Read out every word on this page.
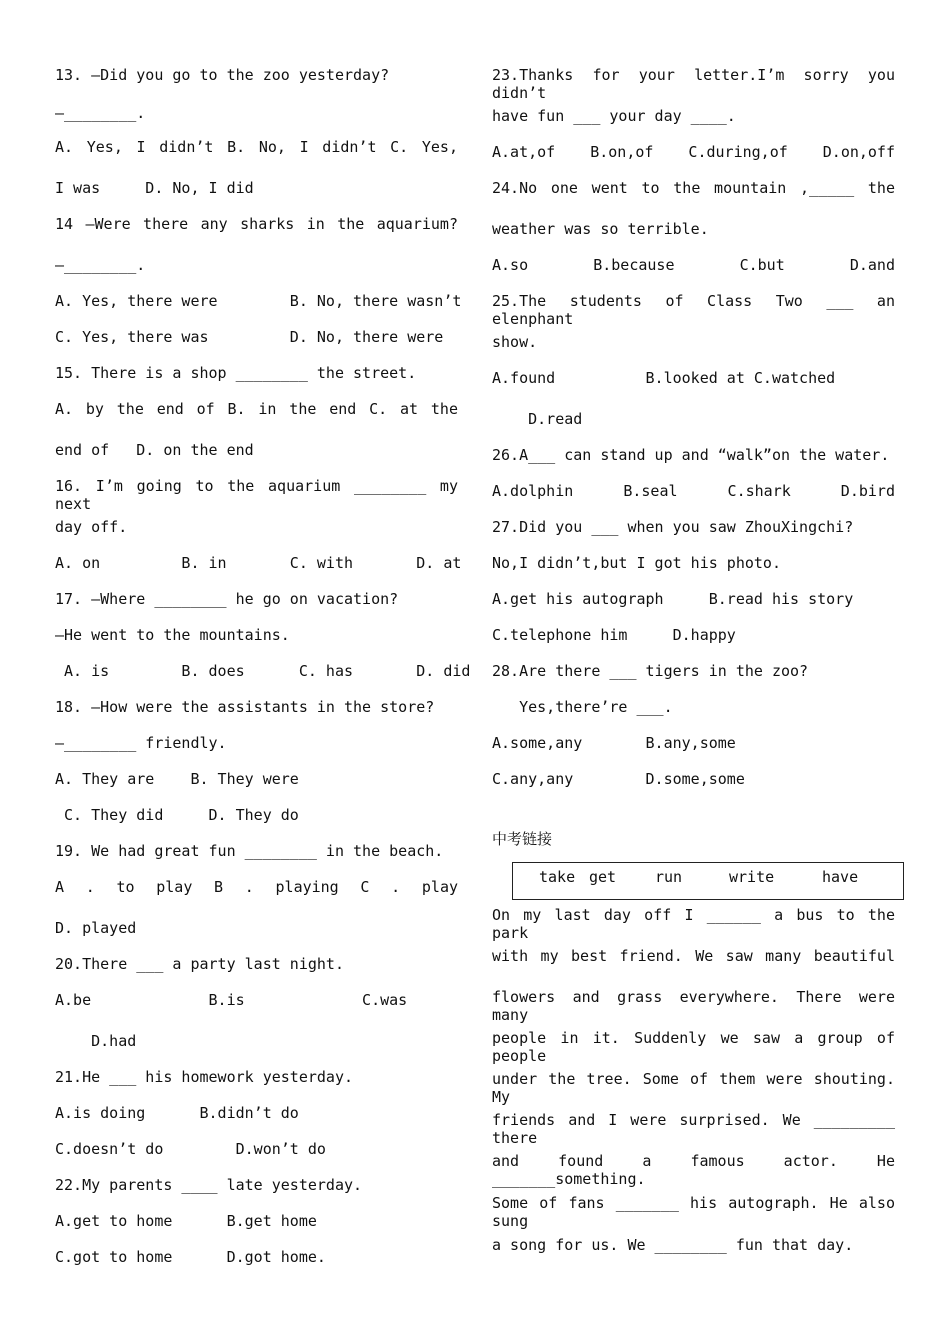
13. —Did you go to the zoo yesterday?
—________.
A. Yes, I didn’t B. No, I didn’t C. Yes,
I was     D. No, I did
14 —Were there any sharks in the aquarium?
—________.
A. Yes, there were        B. No, there wasn’t
C. Yes, there was         D. No, there were
15. There is a shop ________ the street.
A. by the end of B. in the end C. at the
end of   D. on the end
16. I’m going to the aquarium ________ my next
day off.
A. on         B. in       C. with       D. at
17. —Where ________ he go on vacation?
—He went to the mountains.
A. is        B. does      C. has       D. did
18. —How were the assistants in the store?
—________ friendly.
A. They are    B. They were
C. They did     D. They do
19. We had great fun ________ in the beach.
A . to play B . playing C . play
D. played
20.There ___ a party last night.
A.be             B.is             C.was
D.had
21.He ___ his homework yesterday.
A.is doing      B.didn’t do
C.doesn’t do        D.won’t do
22.My parents ____ late yesterday.
A.get to home      B.get home
C.got to home      D.got home.
23.Thanks for your letter.I’m sorry you didn’t
have fun ___ your day ____.
A.at,of B.on,of C.during,of D.on,off
24.No one went to the mountain ,_____ the
weather was so terrible.
A.so B.because C.but D.and
25.The students of Class Two ___ an elenphant
show.
A.found          B.looked at C.watched
D.read
26.A___ can stand up and “walk”on the water.
A.dolphin B.seal C.shark D.bird
27.Did you ___ when you saw ZhouXingchi?
No,I didn’t,but I got his photo.
A.get his autograph     B.read his story
C.telephone him     D.happy
28.Are there ___ tigers in the zoo?
Yes,there’re ___.
A.some,any       B.any,some
C.any,any        D.some,some
中考链接
take get	run	write	have
On my last day off I ______ a bus to the park
with my best friend. We saw many beautiful
flowers and grass everywhere. There were many
people in it. Suddenly we saw a group of people
under the tree. Some of them were shouting. My
friends and I were surprised. We _________ there
and found a famous actor. He _______something.
Some of fans _______ his autograph. He also sung
a song for us. We ________ fun that day.
